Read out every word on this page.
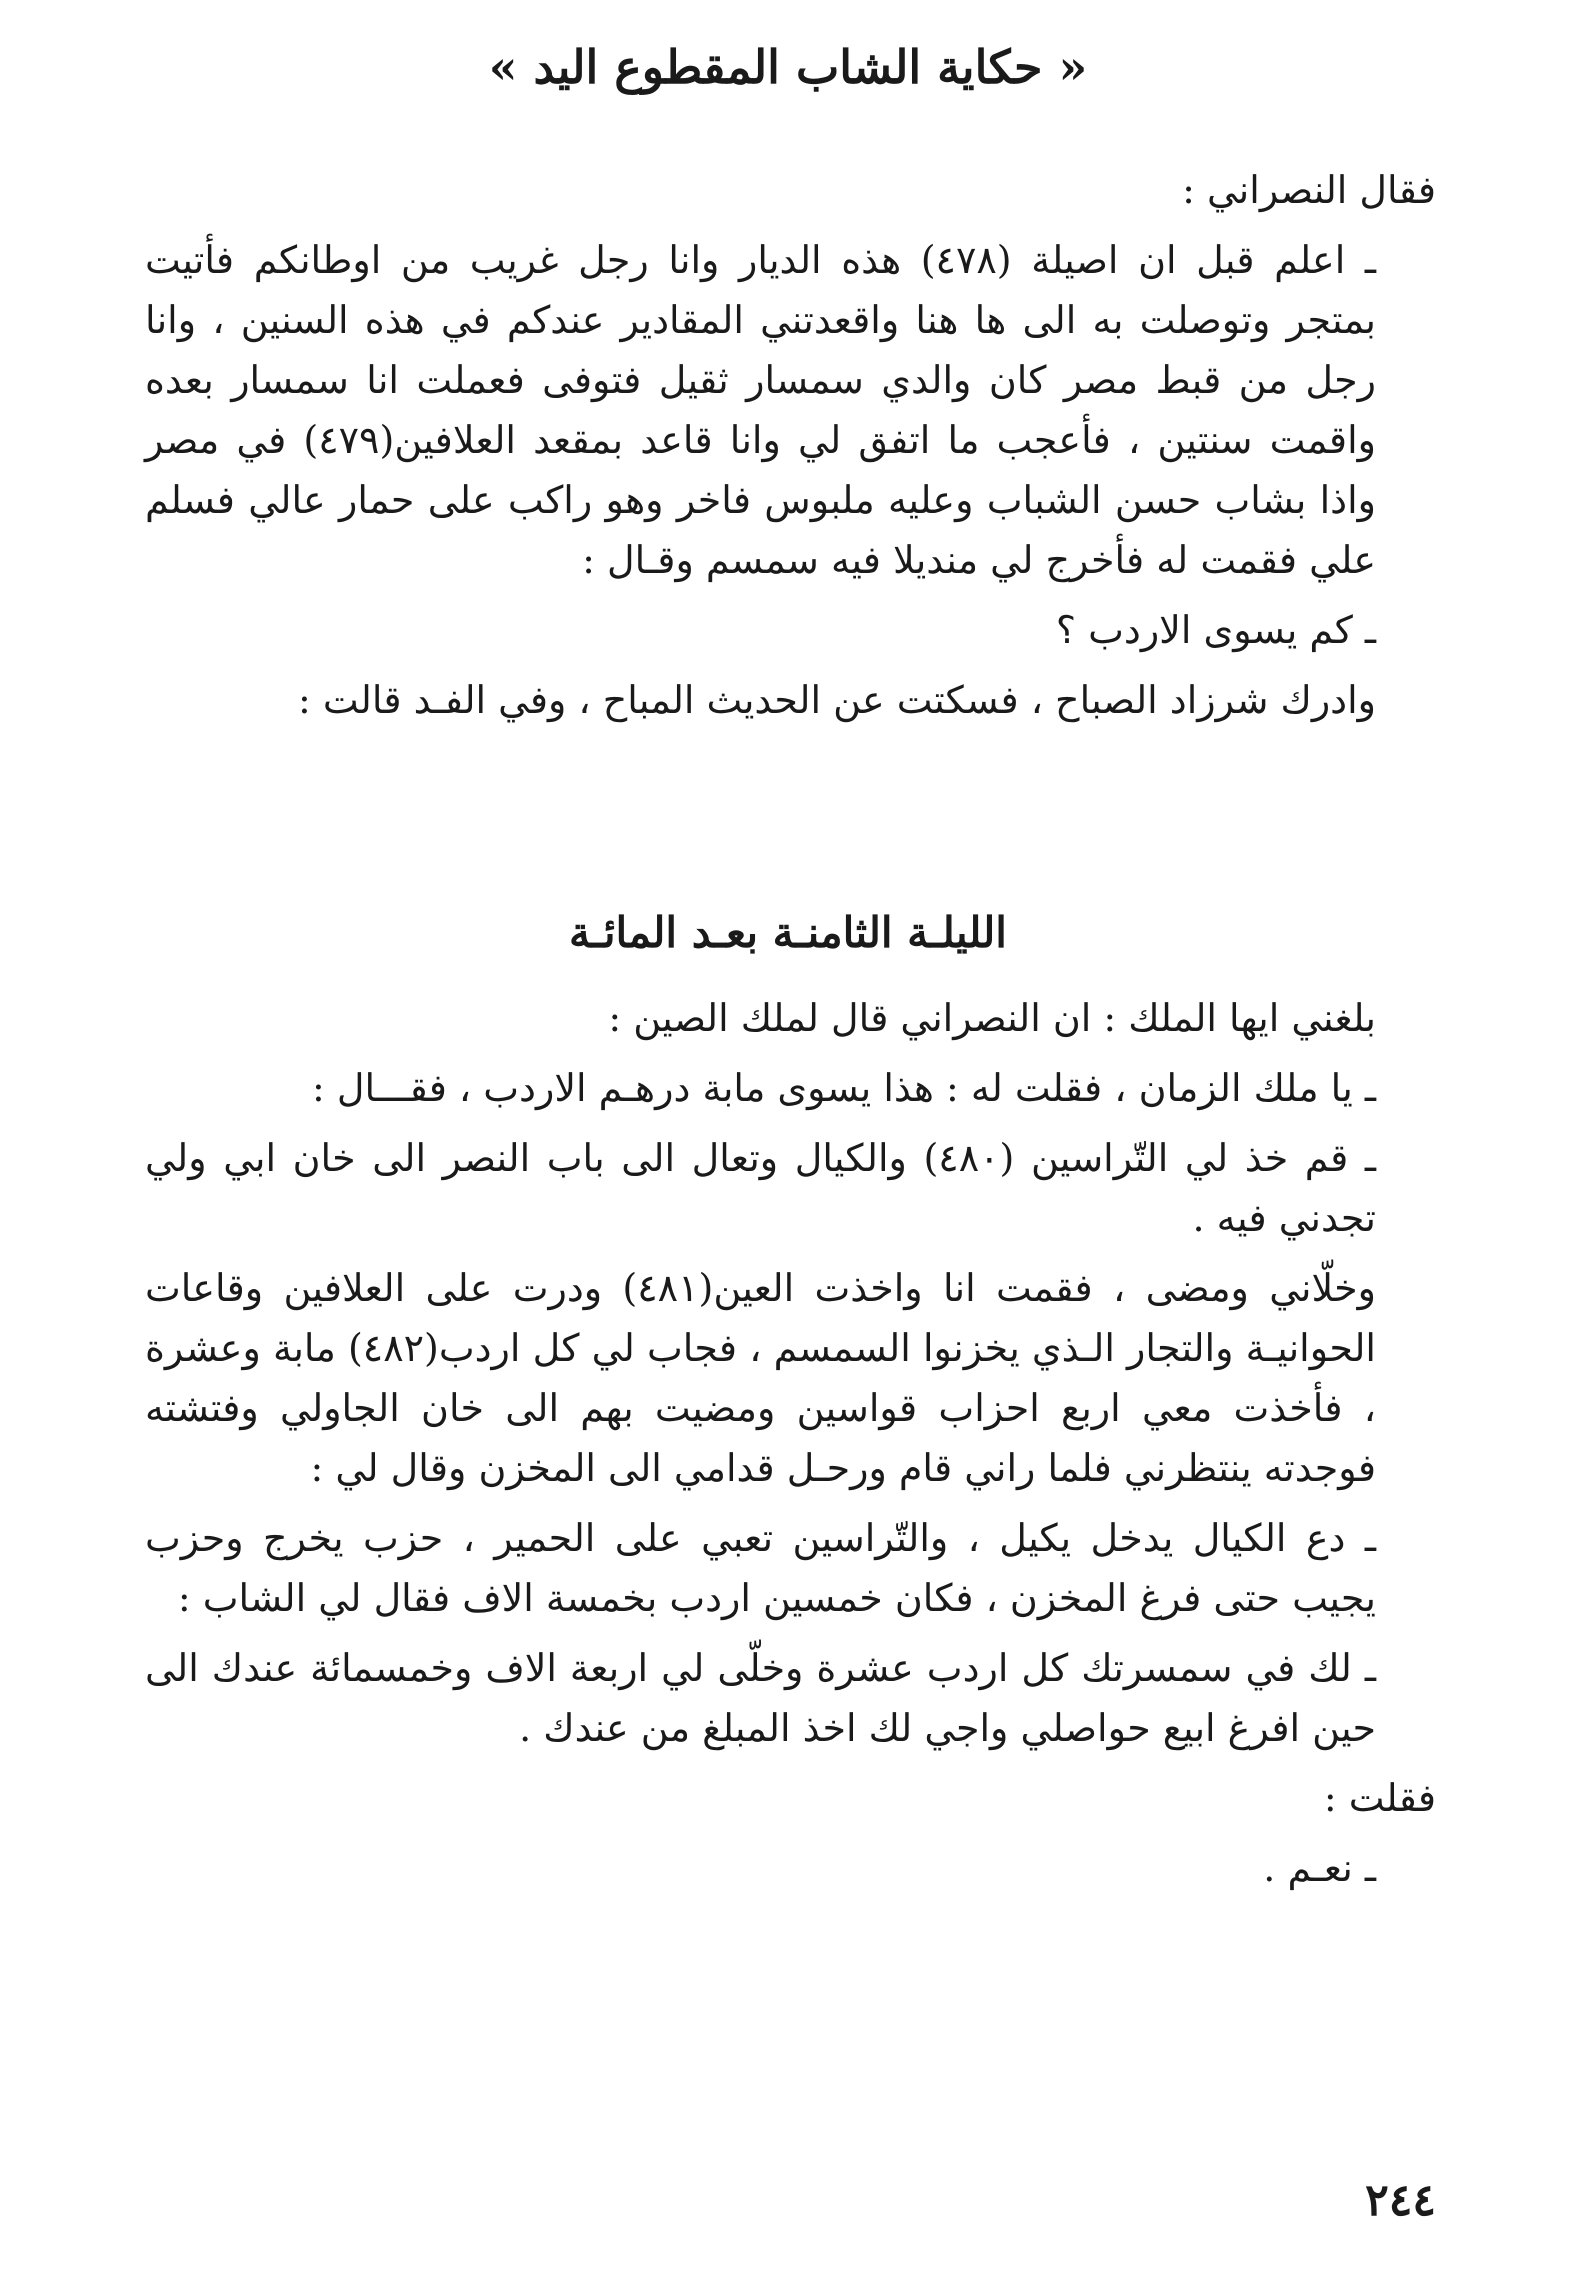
« حكاية الشاب المقطوع اليد »

فقال النصراني :

ـ اعلم قبل ان اصيلة (٤٧٨) هذه الديار وانا رجل غريب من اوطانكم فأتيت بمتجر وتوصلت به الى ها هنا واقعدتني المقادير عندكم في هذه السنين ، وانا رجل من قبط مصر كان والدي سمسار ثقيل فتوفى فعملت انا سمسار بعده واقمت سنتين ، فأعجب ما اتفق لي وانا قاعد بمقعد العلافين(٤٧٩) في مصر واذا بشاب حسن الشباب وعليه ملبوس فاخر وهو راكب على حمار عالي فسلم علي فقمت له فأخرج لي منديلا فيه سمسم وقـال :

ـ كم يسوى الاردب ؟

وادرك شرزاد الصباح ، فسكتت عن الحديث المباح ، وفي الفـد قالت :

الليلـة الثامنـة بعـد المائـة

بلغني ايها الملك : ان النصراني قال لملك الصين :

ـ يا ملك الزمان ، فقلت له : هذا يسوى مابة درهـم الاردب ، فقـــال :

ـ قم خذ لي التّراسين (٤٨٠) والكيال وتعال الى باب النصر الى خان ابي ولي تجدني فيه .

وخلّاني ومضى ، فقمت انا واخذت العين(٤٨١) ودرت على العلافين وقاعات الحوانيـة والتجار الـذي يخزنوا السمسم ، فجاب لي كل اردب(٤٨٢) مابة وعشرة ، فأخذت معي اربع احزاب قواسين ومضيت بهم الى خان الجاولي وفتشته فوجدته ينتظرني فلما راني قام ورحـل قدامي الى المخزن وقال لي :

ـ دع الكيال يدخل يكيل ، والتّراسين تعبي على الحمير ، حزب يخرج وحزب يجيب حتى فرغ المخزن ، فكان خمسين اردب بخمسة الاف فقال لي الشاب :

ـ لك في سمسرتك كل اردب عشرة وخلّى لي اربعة الاف وخمسمائة عندك الى حين افرغ ابيع حواصلي واجي لك اخذ المبلغ من عندك .

فقلت :

ـ نعـم .

٢٤٤
